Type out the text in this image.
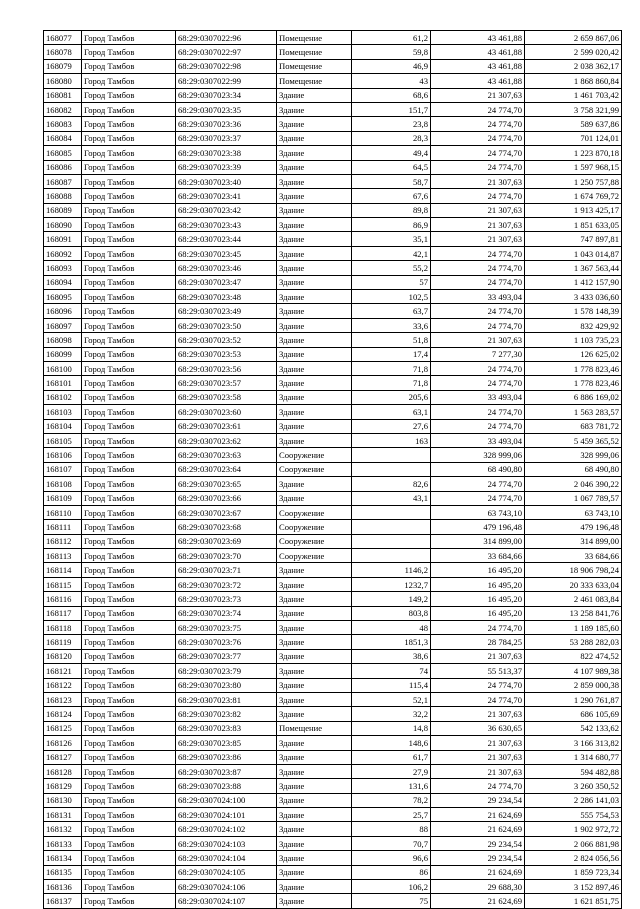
168077	Город Тамбов	68:29:0307022:96	Помещение	61,2	43 461,88	2 659 867,06
168078	Город Тамбов	68:29:0307022:97	Помещение	59,8	43 461,88	2 599 020,42
168079	Город Тамбов	68:29:0307022:98	Помещение	46,9	43 461,88	2 038 362,17
168080	Город Тамбов	68:29:0307022:99	Помещение	43	43 461,88	1 868 860,84
168081	Город Тамбов	68:29:0307023:34	Здание	68,6	21 307,63	1 461 703,42
168082	Город Тамбов	68:29:0307023:35	Здание	151,7	24 774,70	3 758 321,99
168083	Город Тамбов	68:29:0307023:36	Здание	23,8	24 774,70	589 637,86
168084	Город Тамбов	68:29:0307023:37	Здание	28,3	24 774,70	701 124,01
168085	Город Тамбов	68:29:0307023:38	Здание	49,4	24 774,70	1 223 870,18
168086	Город Тамбов	68:29:0307023:39	Здание	64,5	24 774,70	1 597 968,15
168087	Город Тамбов	68:29:0307023:40	Здание	58,7	21 307,63	1 250 757,88
168088	Город Тамбов	68:29:0307023:41	Здание	67,6	24 774,70	1 674 769,72
168089	Город Тамбов	68:29:0307023:42	Здание	89,8	21 307,63	1 913 425,17
168090	Город Тамбов	68:29:0307023:43	Здание	86,9	21 307,63	1 851 633,05
168091	Город Тамбов	68:29:0307023:44	Здание	35,1	21 307,63	747 897,81
168092	Город Тамбов	68:29:0307023:45	Здание	42,1	24 774,70	1 043 014,87
168093	Город Тамбов	68:29:0307023:46	Здание	55,2	24 774,70	1 367 563,44
168094	Город Тамбов	68:29:0307023:47	Здание	57	24 774,70	1 412 157,90
168095	Город Тамбов	68:29:0307023:48	Здание	102,5	33 493,04	3 433 036,60
168096	Город Тамбов	68:29:0307023:49	Здание	63,7	24 774,70	1 578 148,39
168097	Город Тамбов	68:29:0307023:50	Здание	33,6	24 774,70	832 429,92
168098	Город Тамбов	68:29:0307023:52	Здание	51,8	21 307,63	1 103 735,23
168099	Город Тамбов	68:29:0307023:53	Здание	17,4	7 277,30	126 625,02
168100	Город Тамбов	68:29:0307023:56	Здание	71,8	24 774,70	1 778 823,46
168101	Город Тамбов	68:29:0307023:57	Здание	71,8	24 774,70	1 778 823,46
168102	Город Тамбов	68:29:0307023:58	Здание	205,6	33 493,04	6 886 169,02
168103	Город Тамбов	68:29:0307023:60	Здание	63,1	24 774,70	1 563 283,57
168104	Город Тамбов	68:29:0307023:61	Здание	27,6	24 774,70	683 781,72
168105	Город Тамбов	68:29:0307023:62	Здание	163	33 493,04	5 459 365,52
168106	Город Тамбов	68:29:0307023:63	Сооружение		328 999,06	328 999,06
168107	Город Тамбов	68:29:0307023:64	Сооружение		68 490,80	68 490,80
168108	Город Тамбов	68:29:0307023:65	Здание	82,6	24 774,70	2 046 390,22
168109	Город Тамбов	68:29:0307023:66	Здание	43,1	24 774,70	1 067 789,57
168110	Город Тамбов	68:29:0307023:67	Сооружение		63 743,10	63 743,10
168111	Город Тамбов	68:29:0307023:68	Сооружение		479 196,48	479 196,48
168112	Город Тамбов	68:29:0307023:69	Сооружение		314 899,00	314 899,00
168113	Город Тамбов	68:29:0307023:70	Сооружение		33 684,66	33 684,66
168114	Город Тамбов	68:29:0307023:71	Здание	1146,2	16 495,20	18 906 798,24
168115	Город Тамбов	68:29:0307023:72	Здание	1232,7	16 495,20	20 333 633,04
168116	Город Тамбов	68:29:0307023:73	Здание	149,2	16 495,20	2 461 083,84
168117	Город Тамбов	68:29:0307023:74	Здание	803,8	16 495,20	13 258 841,76
168118	Город Тамбов	68:29:0307023:75	Здание	48	24 774,70	1 189 185,60
168119	Город Тамбов	68:29:0307023:76	Здание	1851,3	28 784,25	53 288 282,03
168120	Город Тамбов	68:29:0307023:77	Здание	38,6	21 307,63	822 474,52
168121	Город Тамбов	68:29:0307023:79	Здание	74	55 513,37	4 107 989,38
168122	Город Тамбов	68:29:0307023:80	Здание	115,4	24 774,70	2 859 000,38
168123	Город Тамбов	68:29:0307023:81	Здание	52,1	24 774,70	1 290 761,87
168124	Город Тамбов	68:29:0307023:82	Здание	32,2	21 307,63	686 105,69
168125	Город Тамбов	68:29:0307023:83	Помещение	14,8	36 630,65	542 133,62
168126	Город Тамбов	68:29:0307023:85	Здание	148,6	21 307,63	3 166 313,82
168127	Город Тамбов	68:29:0307023:86	Здание	61,7	21 307,63	1 314 680,77
168128	Город Тамбов	68:29:0307023:87	Здание	27,9	21 307,63	594 482,88
168129	Город Тамбов	68:29:0307023:88	Здание	131,6	24 774,70	3 260 350,52
168130	Город Тамбов	68:29:0307024:100	Здание	78,2	29 234,54	2 286 141,03
168131	Город Тамбов	68:29:0307024:101	Здание	25,7	21 624,69	555 754,53
168132	Город Тамбов	68:29:0307024:102	Здание	88	21 624,69	1 902 972,72
168133	Город Тамбов	68:29:0307024:103	Здание	70,7	29 234,54	2 066 881,98
168134	Город Тамбов	68:29:0307024:104	Здание	96,6	29 234,54	2 824 056,56
168135	Город Тамбов	68:29:0307024:105	Здание	86	21 624,69	1 859 723,34
168136	Город Тамбов	68:29:0307024:106	Здание	106,2	29 688,30	3 152 897,46
168137	Город Тамбов	68:29:0307024:107	Здание	75	21 624,69	1 621 851,75
